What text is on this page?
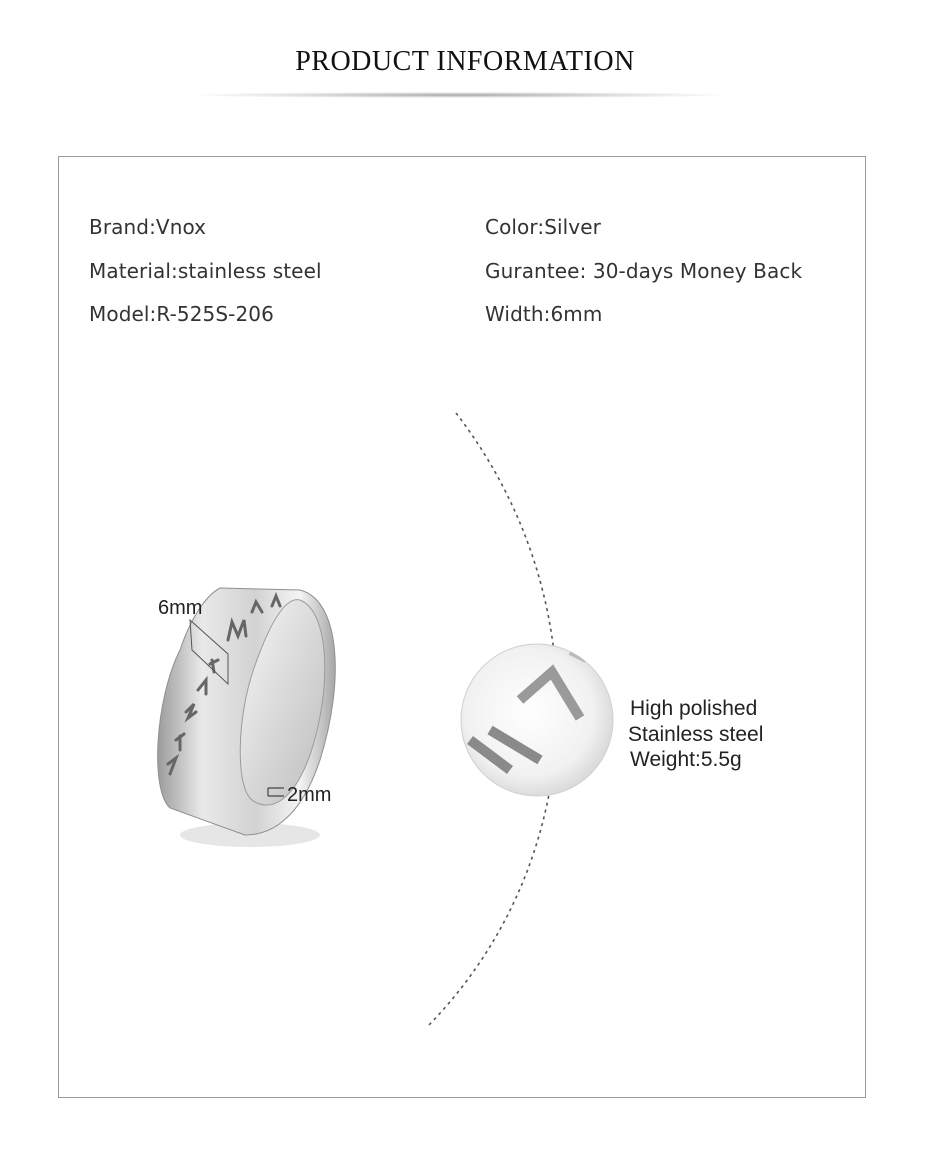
PRODUCT INFORMATION
Brand:Vnox	Color:Silver
Material:stainless steel	Gurantee: 30-days Money Back
Model:R-525S-206	Width:6mm
6mm
2mm
High polished
Stainless steel
Weight:5.5g
